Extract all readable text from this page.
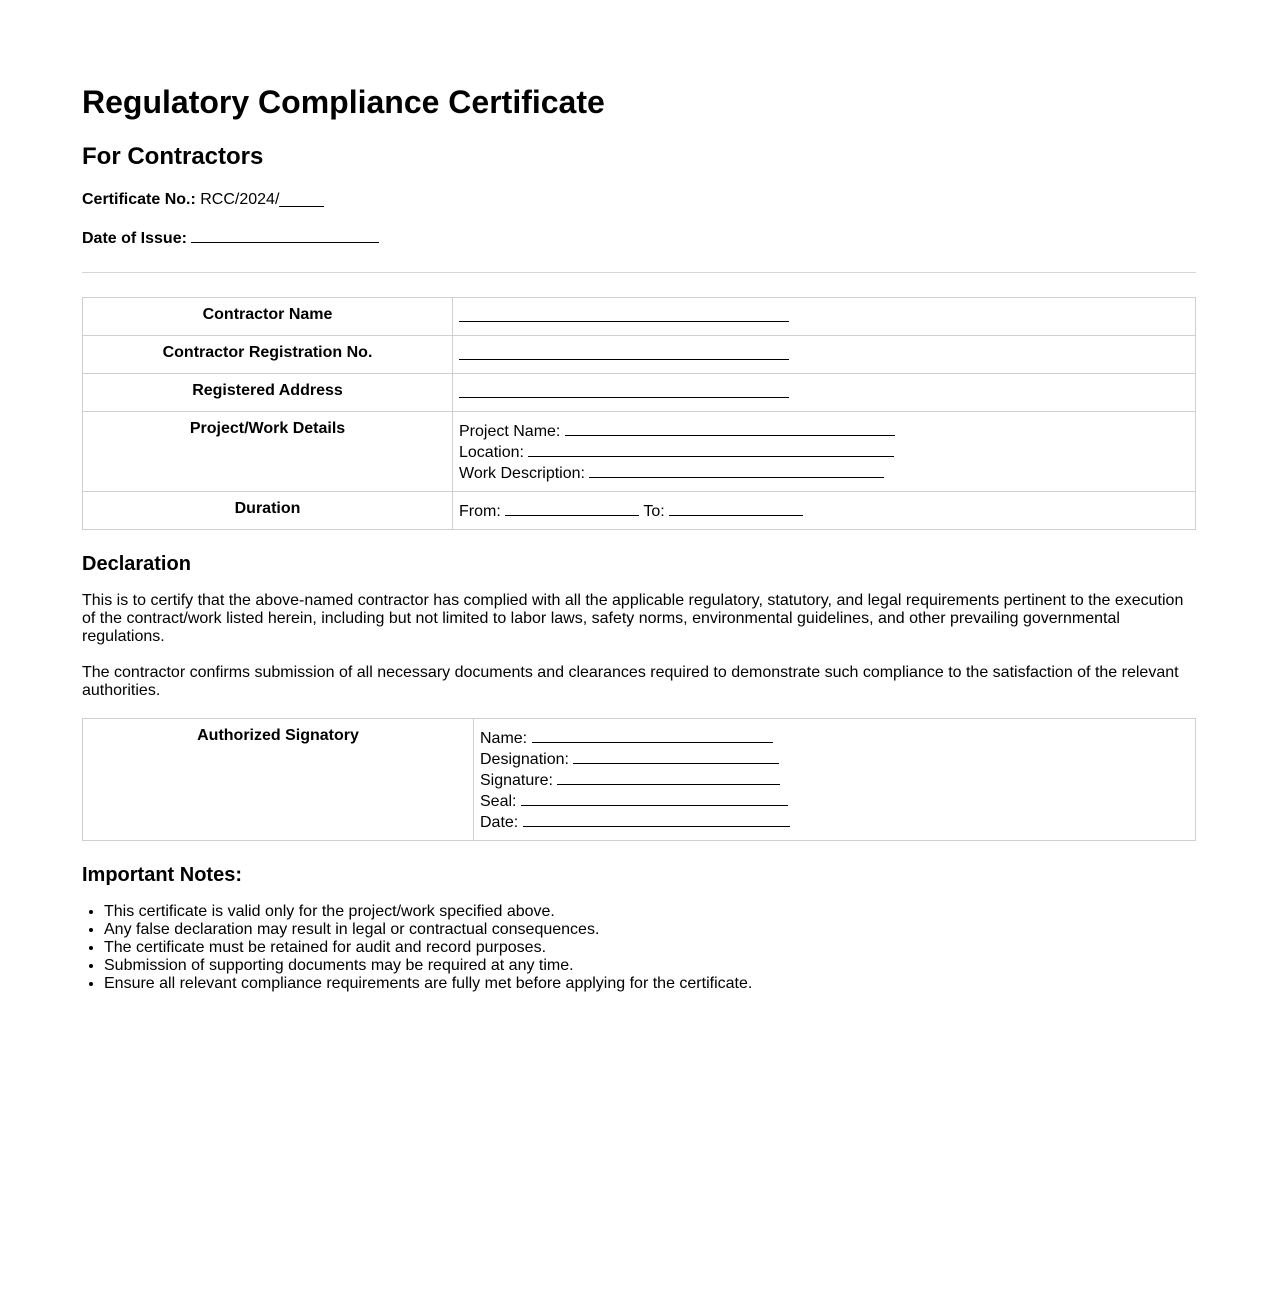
Regulatory Compliance Certificate
For Contractors

Certificate No.: RCC/2024/_____

Date of Issue:

Contractor Name	
Contractor Registration No.	
Registered Address	
Project/Work Details	Project Name:
Location:
Work Description:

Duration	From: To:
Declaration

This is to certify that the above-named contractor has complied with all the applicable regulatory, statutory, and legal requirements pertinent to the execution of the contract/work listed herein, including but not limited to labor laws, safety norms, environmental guidelines, and other prevailing governmental regulations.

The contractor confirms submission of all necessary documents and clearances required to demonstrate such compliance to the satisfaction of the relevant authorities.

Authorized Signatory	Name:
Designation:
Signature:
Seal:
Date:
Important Notes:
• This certificate is valid only for the project/work specified above.
• Any false declaration may result in legal or contractual consequences.
• The certificate must be retained for audit and record purposes.
• Submission of supporting documents may be required at any time.
• Ensure all relevant compliance requirements are fully met before applying for the certificate.
